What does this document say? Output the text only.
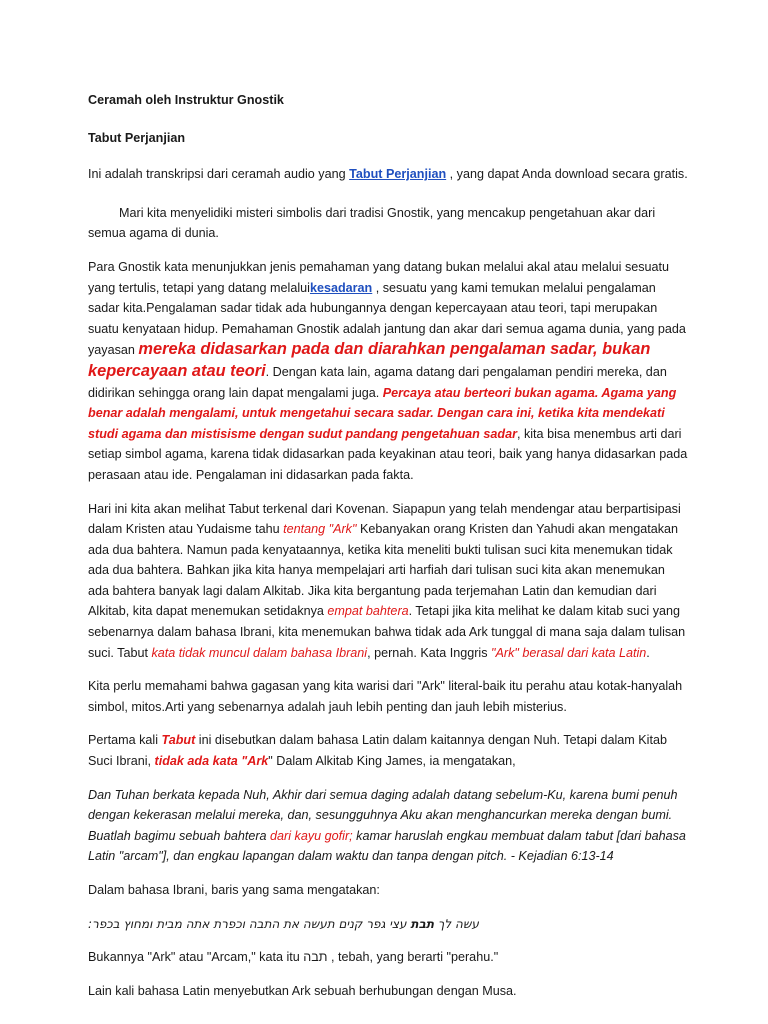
Ceramah oleh Instruktur Gnostik

Tabut Perjanjian

Ini adalah transkripsi dari ceramah audio yang Tabut Perjanjian , yang dapat Anda download secara gratis.

Mari kita menyelidiki misteri simbolis dari tradisi Gnostik, yang mencakup pengetahuan akar dari semua agama di dunia.

Para Gnostik kata menunjukkan jenis pemahaman yang datang bukan melalui akal atau melalui sesuatu yang tertulis, tetapi yang datang melaluikesadaran , sesuatu yang kami temukan melalui pengalaman sadar kita.Pengalaman sadar tidak ada hubungannya dengan kepercayaan atau teori, tapi merupakan suatu kenyataan hidup. Pemahaman Gnostik adalah jantung dan akar dari semua agama dunia, yang pada yayasan mereka didasarkan pada dan diarahkan pengalaman sadar, bukan kepercayaan atau teori. Dengan kata lain, agama datang dari pengalaman pendiri mereka, dan didirikan sehingga orang lain dapat mengalami juga. Percaya atau berteori bukan agama. Agama yang benar adalah mengalami, untuk mengetahui secara sadar. Dengan cara ini, ketika kita mendekati studi agama dan mistisisme dengan sudut pandang pengetahuan sadar, kita bisa menembus arti dari setiap simbol agama, karena tidak didasarkan pada keyakinan atau teori, baik yang hanya didasarkan pada perasaan atau ide. Pengalaman ini didasarkan pada fakta.

Hari ini kita akan melihat Tabut terkenal dari Kovenan. Siapapun yang telah mendengar atau berpartisipasi dalam Kristen atau Yudaisme tahu tentang "Ark" Kebanyakan orang Kristen dan Yahudi akan mengatakan ada dua bahtera. Namun pada kenyataannya, ketika kita meneliti bukti tulisan suci kita menemukan tidak ada dua bahtera. Bahkan jika kita hanya mempelajari arti harfiah dari tulisan suci kita akan menemukan ada bahtera banyak lagi dalam Alkitab. Jika kita bergantung pada terjemahan Latin dan kemudian dari Alkitab, kita dapat menemukan setidaknya empat bahtera. Tetapi jika kita melihat ke dalam kitab suci yang sebenarnya dalam bahasa Ibrani, kita menemukan bahwa tidak ada Ark tunggal di mana saja dalam tulisan suci. Tabut kata tidak muncul dalam bahasa Ibrani, pernah. Kata Inggris "Ark" berasal dari kata Latin.

Kita perlu memahami bahwa gagasan yang kita warisi dari "Ark" literal-baik itu perahu atau kotak-hanyalah simbol, mitos.Arti yang sebenarnya adalah jauh lebih penting dan jauh lebih misterius.

Pertama kali Tabut ini disebutkan dalam bahasa Latin dalam kaitannya dengan Nuh. Tetapi dalam Kitab Suci Ibrani, tidak ada kata "Ark" Dalam Alkitab King James, ia mengatakan,

Dan Tuhan berkata kepada Nuh, Akhir dari semua daging adalah datang sebelum-Ku, karena bumi penuh dengan kekerasan melalui mereka, dan, sesungguhnya Aku akan menghancurkan mereka dengan bumi. Buatlah bagimu sebuah bahtera dari kayu gofir; kamar haruslah engkau membuat dalam tabut [dari bahasa Latin "arcam"], dan engkau lapangan dalam waktu dan tanpa dengan pitch. - Kejadian 6:13-14

Dalam bahasa Ibrani, baris yang sama mengatakan:

עשה לך תבת עצי גפר קנים תעשה את התבה וכפרת אתה מבית ומחוץ בכפר:

Bukannya "Ark" atau "Arcam," kata itu תבה , tebah, yang berarti "perahu."

Lain kali bahasa Latin menyebutkan Ark sebuah berhubungan dengan Musa.
